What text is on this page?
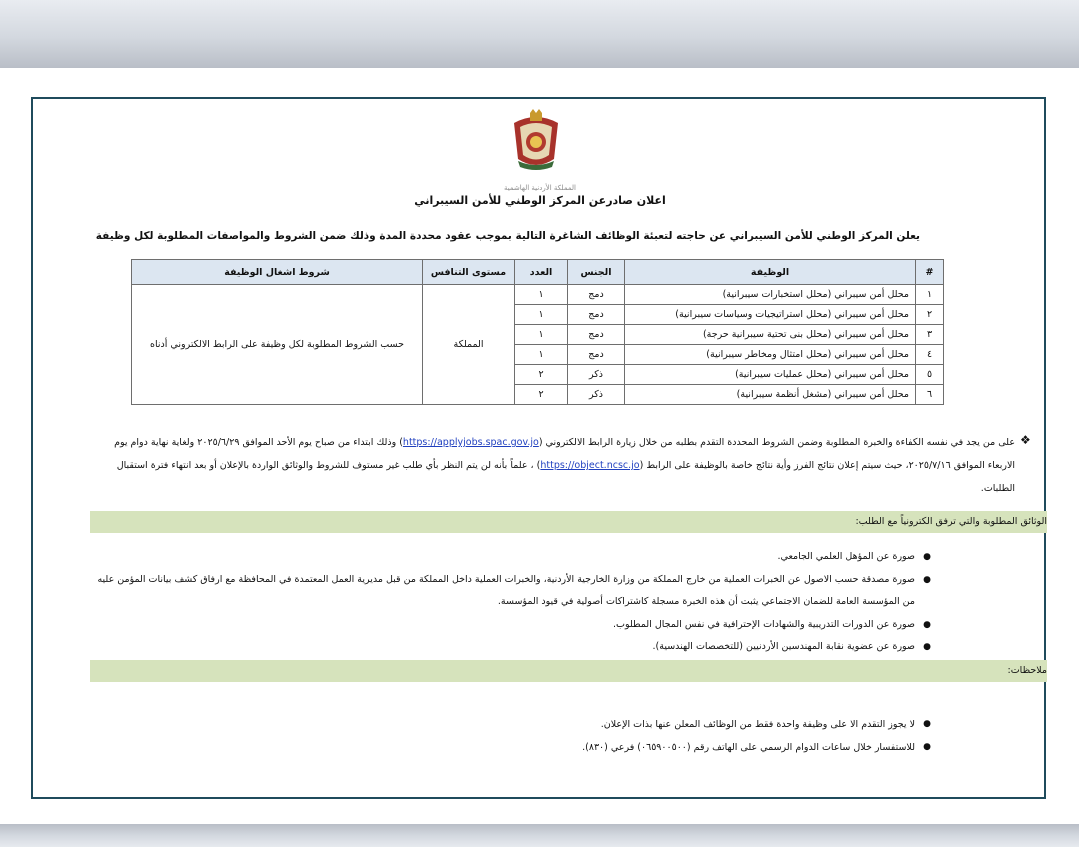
المملكة الأردنية الهاشمية
اعلان صادرعن المركز الوطني للأمن السيبراني
يعلن المركز الوطني للأمن السيبراني عن حاجته لتعبئة الوظائف الشاغرة التالية بموجب عقود محددة المدة وذلك ضمن الشروط والمواصفات المطلوبة لكل وظيفة
#	الوظيفة	الجنس	العدد	مستوى التنافس	شروط اشغال الوظيفة
١	محلل أمن سيبراني (محلل استخبارات سيبرانية)	دمج	١	المملكة	حسب الشروط المطلوبة لكل وظيفة على الرابط الالكتروني أدناه
٢	محلل أمن سيبراني (محلل استراتيجيات وسياسات سيبرانية)	دمج	١		
٣	محلل أمن سيبراني (محلل بنى تحتية سيبرانية حرجة)	دمج	١		
٤	محلل أمن سيبراني (محلل امتثال ومخاطر سيبرانية)	دمج	١		
٥	محلل أمن سيبراني (محلل عمليات سيبرانية)	ذكر	٢		
٦	محلل أمن سيبراني (مشغل أنظمة سيبرانية)	ذكر	٢		
❖
على من يجد في نفسه الكفاءة والخبرة المطلوبة وضمن الشروط المحددة التقدم بطلبه من خلال زيارة الرابط الالكتروني (https://applyjobs.spac.gov.jo) وذلك ابتداء من صباح يوم الأحد الموافق ٢٠٢٥/٦/٢٩ ولغاية نهاية دوام يوم الاربعاء الموافق ٢٠٢٥/٧/١٦، حيث سيتم إعلان نتائج الفرز وأية نتائج خاصة بالوظيفة على الرابط (https://object.ncsc.jo) ، علماً بأنه لن يتم النظر بأي طلب غير مستوف للشروط والوثائق الواردة بالإعلان أو بعد انتهاء فترة استقبال الطلبات.
الوثائق المطلوبة والتي ترفق الكترونياً مع الطلب:
●
صورة عن المؤهل العلمي الجامعي.
●
صورة مصدقة حسب الاصول عن الخبرات العملية من خارج المملكة من وزارة الخارجية الأردنية، والخبرات العملية داخل المملكة من قبل مديرية العمل المعتمدة في المحافظة مع ارفاق كشف بيانات المؤمن عليه من المؤسسة العامة للضمان الاجتماعي يثبت أن هذه الخبرة مسجلة كاشتراكات أصولية في قيود المؤسسة.
●
صورة عن الدورات التدريبية والشهادات الإحترافية في نفس المجال المطلوب.
●
صورة عن عضوية نقابة المهندسين الأردنيين (للتخصصات الهندسية).
ملاحظات:
●
لا يجوز التقدم الا على وظيفة واحدة فقط من الوظائف المعلن عنها بذات الإعلان.
●
للاستفسار خلال ساعات الدوام الرسمي على الهاتف رقم (٠٦٥٩٠٠٥٠٠) فرعي (٨٣٠).
